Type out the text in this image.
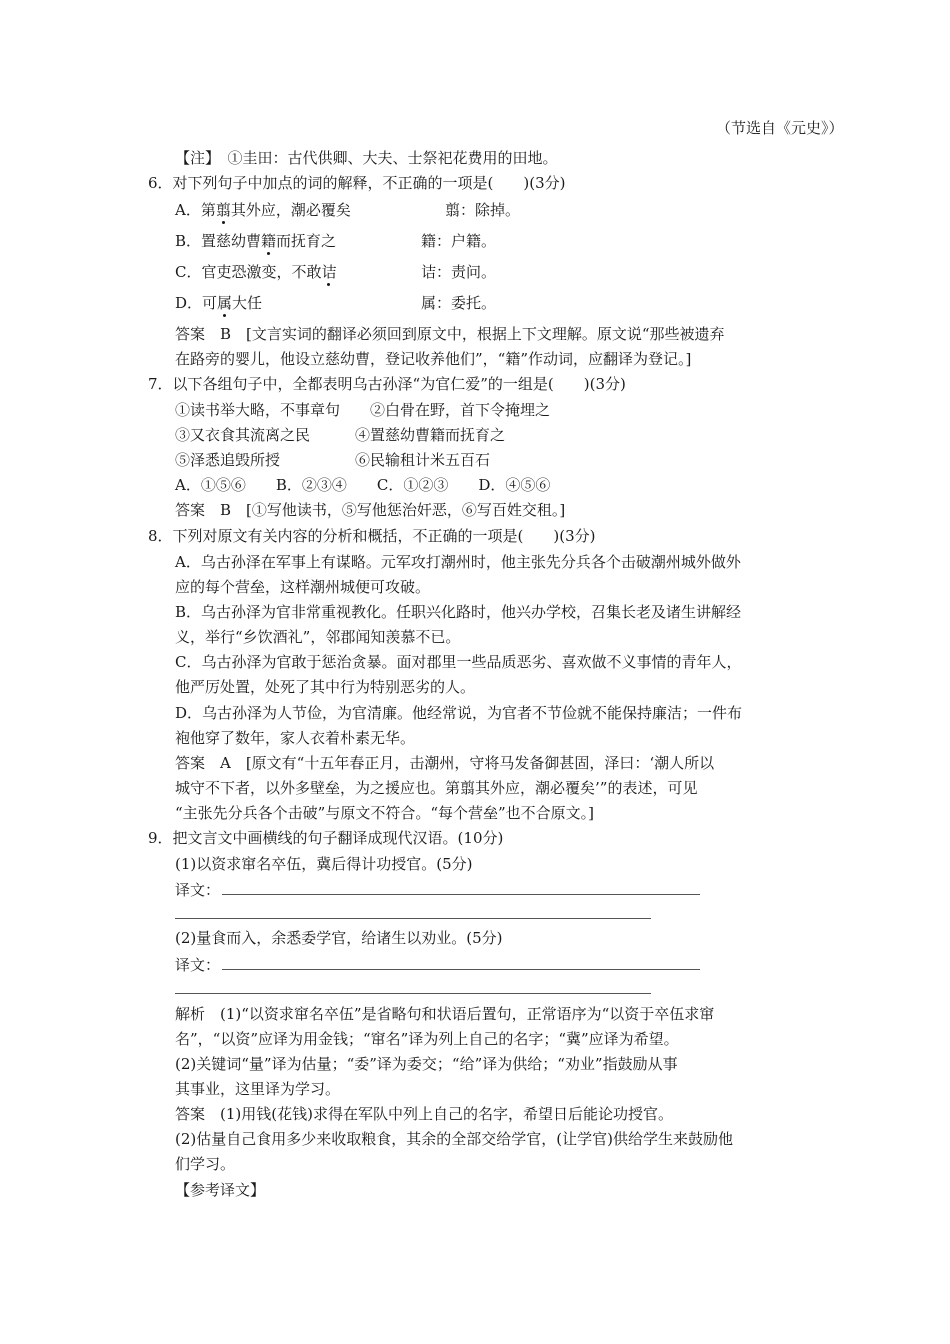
（节选自《元史》）
【注】　①圭田：古代供卿、大夫、士祭祀花费用的田地。
6．对下列句子中加点的词的解释，不正确的一项是(　　)(3分)
A．第翦其外应，潮必覆矣	翦：除掉。
B．置慈幼曹籍而抚育之	籍：户籍。
C．官吏恐激变，不敢诘	诘：责问。
D．可属大任	属：委托。
答案　B　[文言实词的翻译必须回到原文中，根据上下文理解。原文说“那些被遗弃
在路旁的婴儿，他设立慈幼曹，登记收养他们”，“籍”作动词，应翻译为登记。]
7．以下各组句子中，全都表明乌古孙泽“为官仁爱”的一组是(　　)(3分)
①读书举大略，不事章句　　②白骨在野，首下令掩埋之
③又衣食其流离之民　　　④置慈幼曹籍而抚育之
⑤泽悉追毁所授　　　　　⑥民输租计米五百石
A．①⑤⑥　　B．②③④　　C．①②③　　D．④⑤⑥
答案　B　[①写他读书，⑤写他惩治奸恶，⑥写百姓交租。]
8．下列对原文有关内容的分析和概括，不正确的一项是(　　)(3分)
A．乌古孙泽在军事上有谋略。元军攻打潮州时，他主张先分兵各个击破潮州城外做外
应的每个营垒，这样潮州城便可攻破。
B．乌古孙泽为官非常重视教化。任职兴化路时，他兴办学校，召集长老及诸生讲解经
义，举行“乡饮酒礼”，邻郡闻知羡慕不已。
C．乌古孙泽为官敢于惩治贪暴。面对郡里一些品质恶劣、喜欢做不义事情的青年人，
他严厉处置，处死了其中行为特别恶劣的人。
D．乌古孙泽为人节俭，为官清廉。他经常说，为官者不节俭就不能保持廉洁；一件布
袍他穿了数年，家人衣着朴素无华。
答案　A　[原文有“十五年春正月，击潮州，守将马发备御甚固，泽曰：‘潮人所以
城守不下者，以外多壁垒，为之援应也。第翦其外应，潮必覆矣’”的表述，可见
“主张先分兵各个击破”与原文不符合。“每个营垒”也不合原文。]
9．把文言文中画横线的句子翻译成现代汉语。(10分)
(1)以资求窜名卒伍，冀后得计功授官。(5分)
译文：
(2)量食而入，余悉委学官，给诸生以劝业。(5分)
译文：
解析　(1)“以资求窜名卒伍”是省略句和状语后置句，正常语序为“以资于卒伍求窜
名”，“以资”应译为用金钱；“窜名”译为列上自己的名字；“冀”应译为希望。
(2)关键词“量”译为估量；“委”译为委交；“给”译为供给；“劝业”指鼓励从事
其事业，这里译为学习。
答案　(1)用钱(花钱)求得在军队中列上自己的名字，希望日后能论功授官。
(2)估量自己食用多少来收取粮食，其余的全部交给学官，(让学官)供给学生来鼓励他
们学习。
【参考译文】
